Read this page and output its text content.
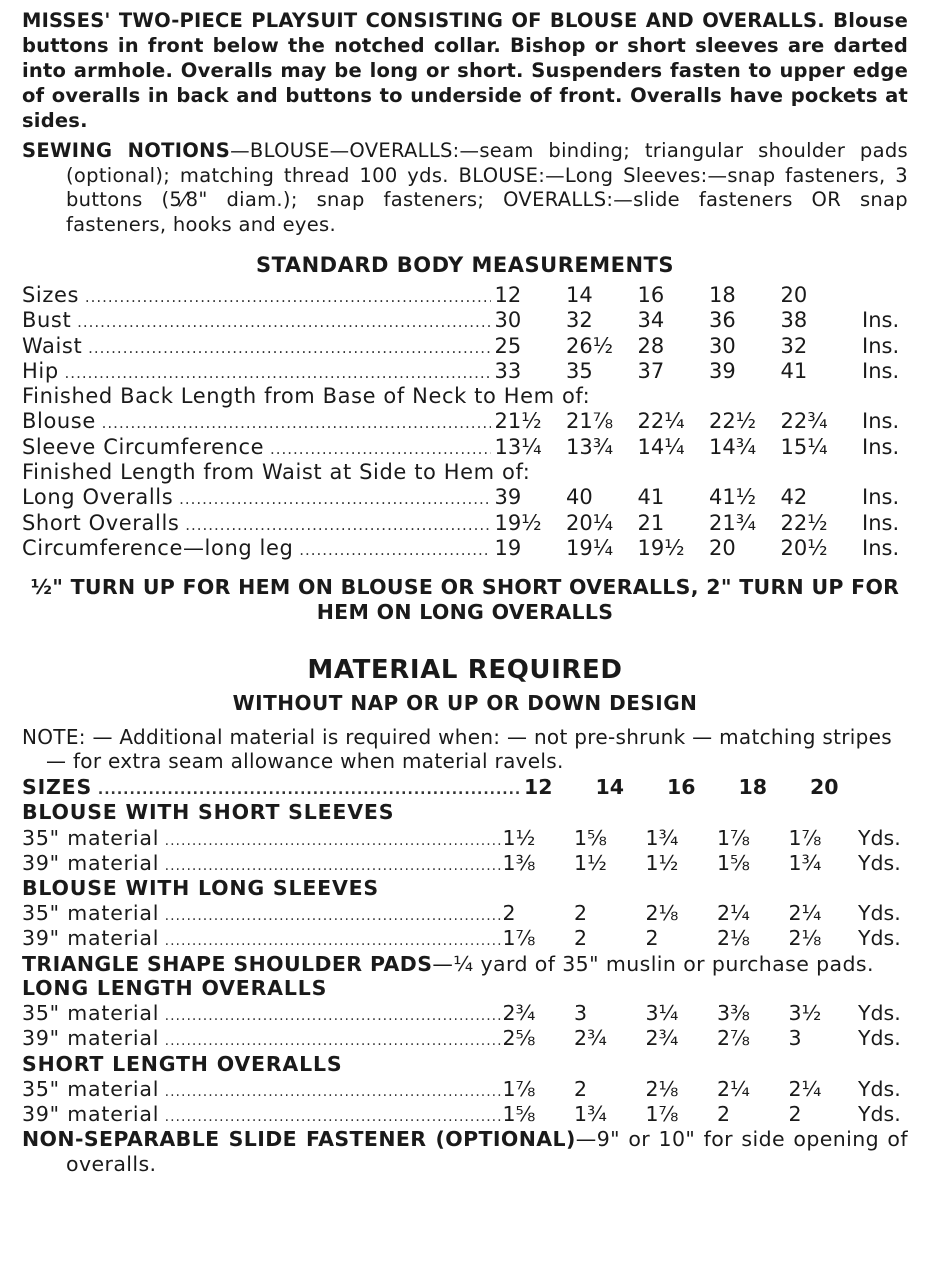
MISSES' TWO-PIECE PLAYSUIT CONSISTING OF BLOUSE AND OVERALLS. Blouse buttons in front below the notched collar. Bishop or short sleeves are darted into armhole. Overalls may be long or short. Suspenders fasten to upper edge of overalls in back and buttons to underside of front. Overalls have pockets at sides.
SEWING NOTIONS—BLOUSE—OVERALLS:—seam binding; triangular shoulder pads (optional); matching thread 100 yds. BLOUSE:—Long Sleeves:—snap fasteners, 3 buttons (5⁄8" diam.); snap fasteners; OVERALLS:—slide fasteners OR snap fasteners, hooks and eyes.
STANDARD BODY MEASUREMENTS
Sizes .....	12	14	16	18	20
Bust .....	30	32	34	36	38	Ins.
Waist .....	25	26½	28	30	32	Ins.
Hip .....	33	35	37	39	41	Ins.
Finished Back Length from Base of Neck to Hem of:
Blouse .....	21½	21⅞	22¼	22½	22¾	Ins.
Sleeve Circumference .....	13¼	13¾	14¼	14¾	15¼	Ins.
Finished Length from Waist at Side to Hem of:
Long Overalls .....	39	40	41	41½	42	Ins.
Short Overalls .....	19½	20¼	21	21¾	22½	Ins.
Circumference—long leg .....	19	19¼	19½	20	20½	Ins.
½" TURN UP FOR HEM ON BLOUSE OR SHORT OVERALLS, 2" TURN UP FOR HEM ON LONG OVERALLS
MATERIAL REQUIRED
WITHOUT NAP OR UP OR DOWN DESIGN
NOTE: — Additional material is required when: — not pre-shrunk — matching stripes — for extra seam allowance when material ravels.
SIZES .....	12	14	16	18	20
BLOUSE WITH SHORT SLEEVES
35" material .....	1½	1⅝	1¾	1⅞	1⅞	Yds.
39" material .....	1⅜	1½	1½	1⅝	1¾	Yds.
BLOUSE WITH LONG SLEEVES
35" material .....	2	2	2⅛	2¼	2¼	Yds.
39" material .....	1⅞	2	2	2⅛	2⅛	Yds.
TRIANGLE SHAPE SHOULDER PADS—¼ yard of 35" muslin or purchase pads.
LONG LENGTH OVERALLS
35" material .....	2¾	3	3¼	3⅜	3½	Yds.
39" material .....	2⅝	2¾	2¾	2⅞	3	Yds.
SHORT LENGTH OVERALLS
35" material .....	1⅞	2	2⅛	2¼	2¼	Yds.
39" material .....	1⅝	1¾	1⅞	2	2	Yds.
NON-SEPARABLE SLIDE FASTENER (OPTIONAL)—9" or 10" for side opening of overalls.
